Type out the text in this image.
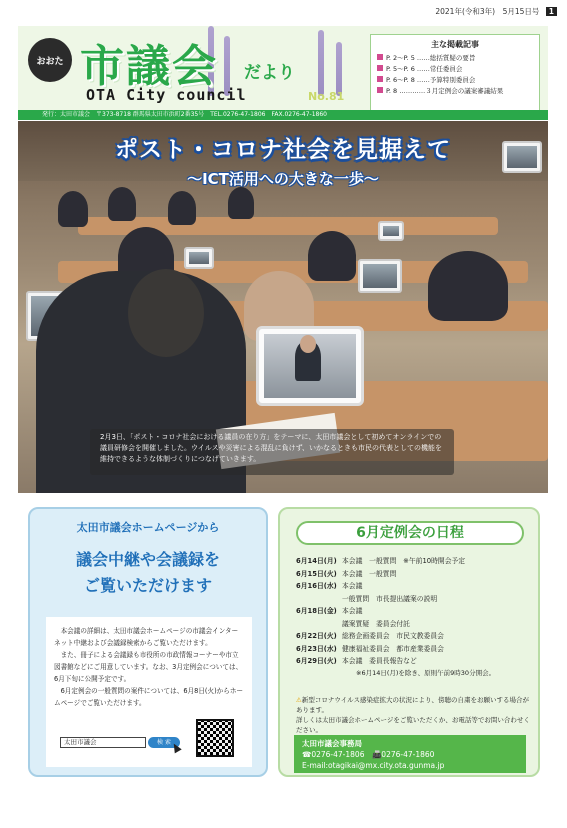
2021年(令和3年)　5月15日号 1
おおた 市議会 だより
OTA City council	No.81
主な掲載記事
P. 2〜P. 5 ……総括質疑の要旨
P. 5〜P. 6 ……常任委員会
P. 6〜P. 8 ……予算特別委員会
P. 8 …………３月定例会の議案審議結果
発行：太田市議会　〒373-8718 群馬県太田市浜町2番35号　TEL.0276-47-1806　FAX.0276-47-1860
ポスト・コロナ社会を見据えて
〜ICT活用への大きな一歩〜
2月3日、「ポスト・コロナ社会における議員の在り方」をテーマに、太田市議会として初めてオンラインでの議員研修会を開催しました。ウイルスや災害による混乱に負けず、いかなるときも市民の代表としての機能を維持できるような体制づくりにつなげていきます。
太田市議会ホームページから
議会中継や会議録を
ご覧いただけます

本会議の詳細は、太田市議会ホームページの市議会インターネット中継および会議録検索からご覧いただけます。

また、冊子による会議録も市役所の市政情報コーナーや市立図書館などにご用意しています。なお、3月定例会については、6月下旬に公開予定です。

6月定例会の一般質問の案件については、6月8日(火)からホームページでご覧いただけます。

太田市議会	検 索
6月定例会の日程
6月14日(月) 本会議　一般質問　※午前10時開会予定
6月15日(火) 本会議　一般質問
6月16日(水) 本会議
一般質問　市長提出議案の説明
6月18日(金) 本会議
議案質疑　委員会付託
6月22日(火) 総務企画委員会　市民文教委員会
6月23日(水) 健康福祉委員会　都市産業委員会
6月29日(火) 本会議　委員長報告など
※6月14日(月)を除き、原則午前9時30分開会。
⚠新型コロナウイルス感染症拡大の状況により、傍聴の自粛をお願いする場合があります。
詳しくは太田市議会ホームページをご覧いただくか、お電話等でお問い合わせください。
太田市議会事務局
☎0276-47-1806　📠0276-47-1860
E-mail:otagikai@mx.city.ota.gunma.jp
